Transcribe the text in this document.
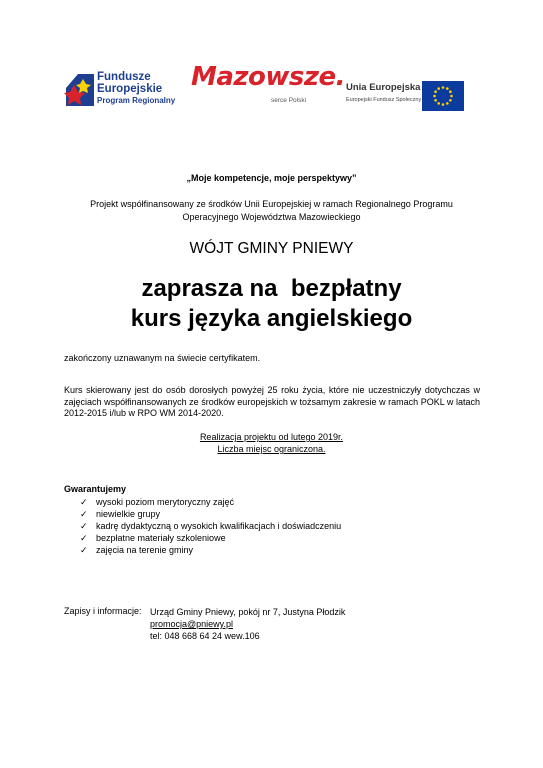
Fundusze
Europejskie
Program Regionalny
Mazowsze.
serce Polski
Unia Europejska
Europejski Fundusz Społeczny
„Moje kompetencje, moje perspektywy”
Projekt współfinansowany ze środków Unii Europejskiej w ramach Regionalnego Programu
Operacyjnego Województwa Mazowieckiego
WÓJT GMINY PNIEWY
zaprasza na  bezpłatny
kurs języka angielskiego
zakończony uznawanym na świecie certyfikatem.
Kurs skierowany jest do osób dorosłych powyżej 25 roku życia, które nie uczestniczyły dotychczas w zajęciach współfinansowanych ze środków europejskich w tożsamym zakresie w ramach POKL w latach 2012-2015 i/lub w RPO WM 2014-2020.
Realizacja projektu od lutego 2019r.
Liczba miejsc ograniczona.
Gwarantujemy
✓ wysoki poziom merytoryczny zajęć
✓ niewielkie grupy
✓ kadrę dydaktyczną o wysokich kwalifikacjach i doświadczeniu
✓ bezpłatne materiały szkoleniowe
✓ zajęcia na terenie gminy
Zapisy i informacje: Urząd Gminy Pniewy, pokój nr 7, Justyna Płodzik
promocja@pniewy.pl
tel: 048 668 64 24 wew.106
